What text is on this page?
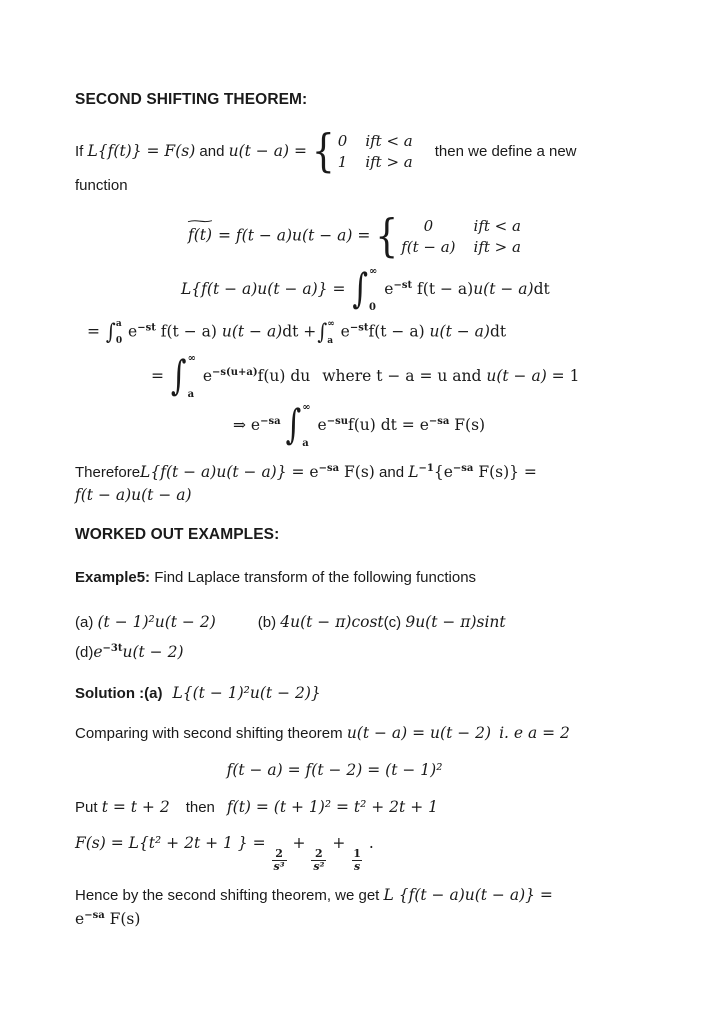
SECOND SHIFTING THEOREM:
If L{f(t)} = F(s) and u(t − a) = { 0 ift < a
1 ift > a
then we define a new
function
∼
f(t) = f(t − a)u(t − a) = {	0	ift < a
f(t − a) ift > a
L{f(t − a)u(t − a)} = ∫ ∞
0
$e^{-st}$ f(t − a)u(t − a)dt
= ∫ a
0
$e^{-st}$ f(t − a) u(t − a)dt + ∫ ∞
a
$e^{-st}f(t - a) u(t - a)dt$
= ∫ ∞
a
$e^{-s(u+a)}f(u)$ du where t − a = u and u(t − a) = 1
⇒ $e^{-sa}$ ∫ ∞
a
$e^{-su}f(u)$ dt = $e^{-sa}$ F(s)
ThereforeL{f(t − $a)u(t - a)\} = e^{-sa}$ F(s) and $L^{-1}\{e^{-sa}$ F(s)} =
f(t − a)u(t − a)
WORKED OUT EXAMPLES:
Example5: Find Laplace transform of the following functions
(a) (t − 1)²u(t − 2)	(b) 4u(t − π)cost(c) 9u(t − π)sint
$(d)e^{-3t}u(t - 2)$
Solution :(a) L{(t − 1)²u(t − 2)}
Comparing with second shifting theorem u(t − a) = u(t − 2) i. e a = 2
f(t − a) = f(t − 2) = (t − 1)²
Put t = t + 2 then f(t) = (t + 1)² = t² + 2t + 1
F(s) = L{t² + 2t + 1 } =
$\frac{2}{\text{s³}}$
+
$\frac{2}{\text{s²}}$
+
$\frac{1}{s}$
.
Hence by the second shifting theorem, we get L {f(t − a)u(t − a)} =
$e^{-sa}$ F(s)
